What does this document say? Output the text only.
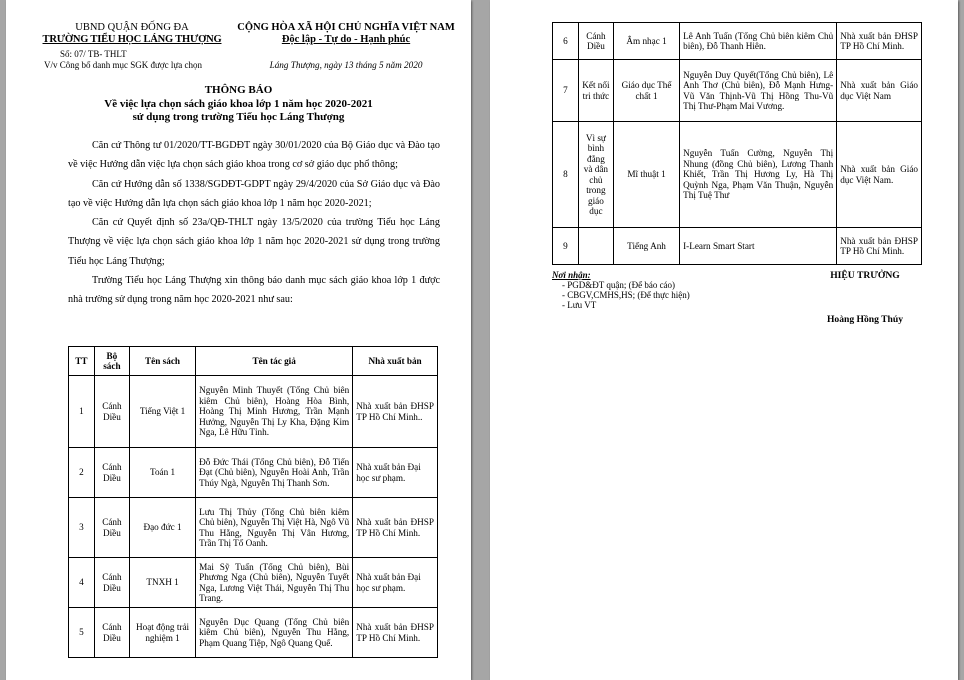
UBND QUẬN ĐỐNG ĐA
TRƯỜNG TIỂU HỌC LÁNG THƯỢNG
Số: 07/ TB- THLT
V/v Công bố danh mục SGK được lựa chọn
CỘNG HÒA XÃ HỘI CHỦ NGHĨA VIỆT NAM
Độc lập - Tự do - Hạnh phúc
Láng Thượng, ngày 13 tháng 5 năm 2020
THÔNG BÁO
Về việc lựa chọn sách giáo khoa lớp 1 năm học 2020-2021
sử dụng trong trường Tiểu học Láng Thượng

Căn cứ Thông tư 01/2020/TT-BGDĐT ngày 30/01/2020 của Bộ Giáo dục và Đào tạo về việc Hướng dẫn việc lựa chọn sách giáo khoa trong cơ sở giáo dục phổ thông;

Căn cứ Hướng dẫn số 1338/SGDĐT-GDPT ngày 29/4/2020 của Sở Giáo dục và Đào tạo về việc Hướng dẫn lựa chọn sách giáo khoa lớp 1 năm học 2020-2021;

Căn cứ Quyết định số 23a/QĐ-THLT ngày 13/5/2020 của trường Tiểu học Láng Thượng về việc lựa chọn sách giáo khoa lớp 1 năm học 2020-2021 sử dụng trong trường Tiểu học Láng Thượng;

Trường Tiểu học Láng Thượng xin thông báo danh mục sách giáo khoa lớp 1 được nhà trường sử dụng trong năm học 2020-2021 như sau:

TT	Bộ sách	Tên sách	Tên tác giả	Nhà xuất bản
1	Cánh Diều	Tiếng Việt 1	Nguyễn Minh Thuyết (Tổng Chủ biên kiêm Chủ biên), Hoàng Hòa Bình, Hoàng Thị Minh Hương, Trần Mạnh Hưởng, Nguyễn Thị Ly Kha, Đặng Kim Nga, Lê Hữu Tỉnh.	Nhà xuất bản ĐHSP TP Hồ Chí Minh..
2	Cánh Diều	Toán 1	Đỗ Đức Thái (Tổng Chủ biên), Đỗ Tiến Đạt (Chủ biên), Nguyễn Hoài Anh, Trần Thúy Ngà, Nguyễn Thị Thanh Sơn.	Nhà xuất bản Đại học sư phạm.
3	Cánh Diều	Đạo đức 1	Lưu Thị Thủy (Tổng Chủ biên kiêm Chủ biên), Nguyễn Thị Việt Hà, Ngô Vũ Thu Hằng, Nguyễn Thị Vân Hương, Trần Thị Tố Oanh.	Nhà xuất bản ĐHSP TP Hồ Chí Minh.
4	Cánh Diều	TNXH 1	Mai Sỹ Tuấn (Tổng Chủ biên), Bùi Phương Nga (Chủ biên), Nguyễn Tuyết Nga, Lương Việt Thái, Nguyễn Thị Thu Trang.	Nhà xuất bản Đại học sư phạm.
5	Cánh Diều	Hoạt động trải nghiệm 1	Nguyễn Dục Quang (Tổng Chủ biên kiêm Chủ biên), Nguyễn Thu Hằng, Phạm Quang Tiệp, Ngô Quang Quế.	Nhà xuất bản ĐHSP TP Hồ Chí Minh.
6	Cánh Diều	Âm nhạc 1	Lê Anh Tuấn (Tổng Chủ biên kiêm Chủ biên), Đỗ Thanh Hiên.	Nhà xuất bản ĐHSP TP Hồ Chí Minh.
7	Kết nối tri thức	Giáo dục Thể chất 1	Nguyễn Duy Quyết(Tổng Chủ biên), Lê Anh Thơ (Chủ biên), Đỗ Mạnh Hưng-Vũ Văn Thịnh-Vũ Thị Hồng Thu-Vũ Thị Thư-Phạm Mai Vương.	Nhà xuất bản Giáo dục Việt Nam
8	Vì sự bình đẳng và dân chủ trong giáo dục	Mĩ thuật 1	Nguyễn Tuấn Cường, Nguyễn Thị Nhung (đồng Chủ biên), Lương Thanh Khiết, Trần Thị Hương Ly, Hà Thị Quỳnh Nga, Phạm Văn Thuận, Nguyễn Thị Tuệ Thư	Nhà xuất bản Giáo dục Việt Nam.
9		Tiếng Anh	I-Learn Smart Start	Nhà xuất bản ĐHSP TP Hồ Chí Minh.
Nơi nhận:
- PGD&ĐT quận; (Để báo cáo)
- CBGV,CMHS,HS; (Để thực hiện)
- Lưu VT
HIỆU TRƯỞNG
Hoàng Hồng Thúy
